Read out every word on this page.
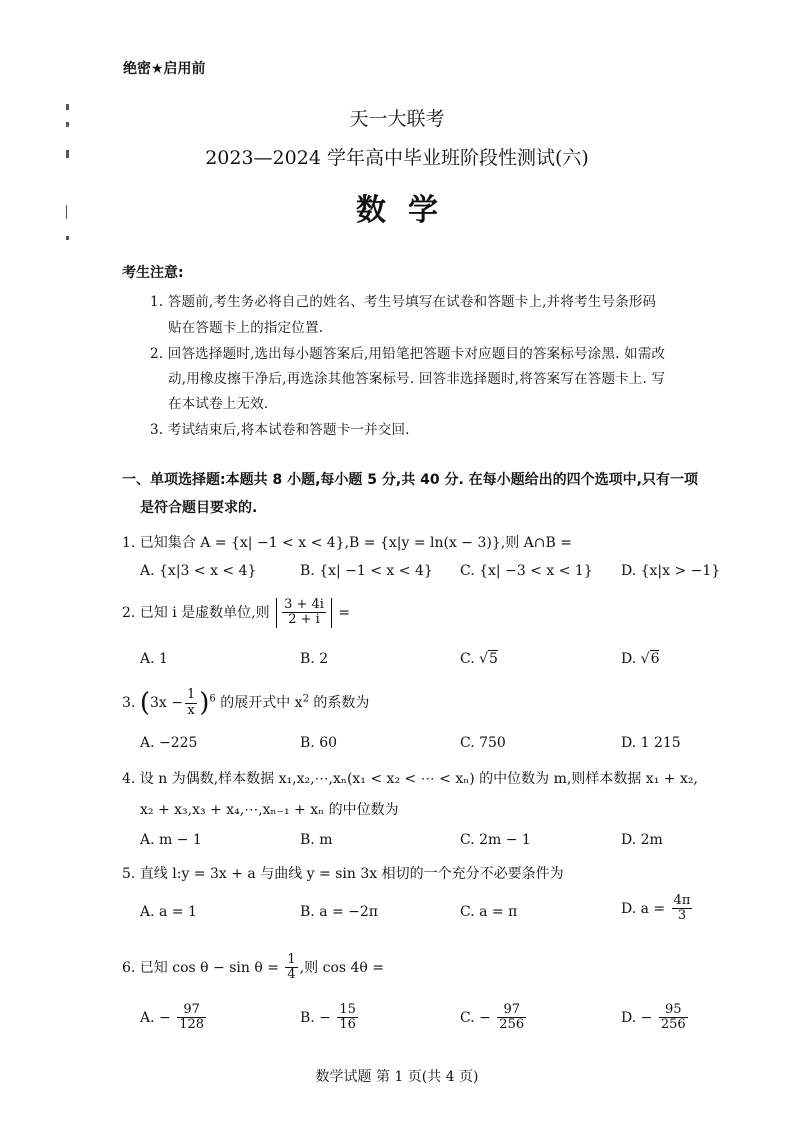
绝密★启用前
天一大联考
2023—2024 学年高中毕业班阶段性测试(六)
数学
考生注意:
1. 答题前,考生务必将自己的姓名、考生号填写在试卷和答题卡上,并将考生号条形码
贴在答题卡上的指定位置.
2. 回答选择题时,选出每小题答案后,用铅笔把答题卡对应题目的答案标号涂黑. 如需改
动,用橡皮擦干净后,再选涂其他答案标号. 回答非选择题时,将答案写在答题卡上. 写
在本试卷上无效.
3. 考试结束后,将本试卷和答题卡一并交回.
一、单项选择题:本题共 8 小题,每小题 5 分,共 40 分. 在每小题给出的四个选项中,只有一项
是符合题目要求的.
1. 已知集合 A = {x| −1 < x < 4},B = {x|y = ln(x − 3)},则 A∩B =
A. {x|3 < x < 4}	B. {x| −1 < x < 4} C. {x| −3 < x < 1} D. {x|x > −1}
2. 已知 i 是虚数单位,则 $\frac{3 + 4i}{2 + i}$ =
A. 1	B. 2	C. √5	D. √6
3. $(3x - \frac{1}{x} )^6$ 的展开式中 $x^2$ 的系数为
A. −225	B. 60	C. 750	D. 1 215
4. 设 n 为偶数,样本数据 x₁,x₂,⋯,xₙ(x₁ < x₂ < ⋯ < xₙ) 的中位数为 m,则样本数据 x₁ + x₂,
x₂ + x₃,x₃ + x₄,⋯,xₙ₋₁ + xₙ 的中位数为
A. m − 1	B. m	C. 2m − 1	D. 2m
5. 直线 l:y = 3x + a 与曲线 y = sin 3x 相切的一个充分不必要条件为
A. a = 1	B. a = −2π	C. a = π	D. $a = \frac{4\pi}{3}$
6. 已知 $\cos \theta - \sin \theta = \frac{1}{4}$ ,则 cos 4θ =
A. − $\frac{97}{128}$	B. − $\frac{15}{16}$	C. − $\frac{97}{256}$	D. − $\frac{95}{256}$
数学试题 第 1 页(共 4 页)
